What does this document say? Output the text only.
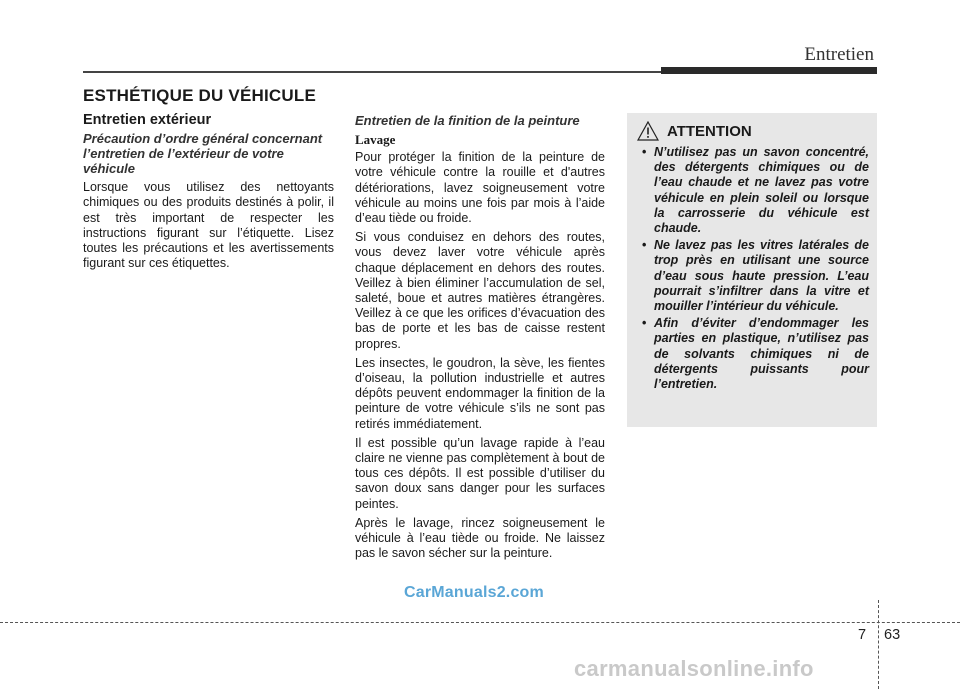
Entretien
ESTHÉTIQUE DU VÉHICULE
Entretien extérieur
Précaution d’ordre général concernant l’entretien de l’extérieur de votre véhicule

Lorsque vous utilisez des nettoyants chimiques ou des produits destinés à polir, il est très important de respecter les instructions figurant sur l’étiquette. Lisez toutes les précautions et les avertissements figurant sur ces étiquettes.

Entretien de la finition de la peinture
Lavage

Pour protéger la finition de la peinture de votre véhicule contre la rouille et d'autres détériorations, lavez soigneusement votre véhicule au moins une fois par mois à l’aide d’eau tiède ou froide.

Si vous conduisez en dehors des routes, vous devez laver votre véhicule après chaque déplacement en dehors des routes. Veillez à bien éliminer l’accumulation de sel, saleté, boue et autres matières étrangères. Veillez à ce que les orifices d’évacuation des bas de porte et les bas de caisse restent propres.

Les insectes, le goudron, la sève, les fientes d’oiseau, la pollution industrielle et autres dépôts peuvent endommager la finition de la peinture de votre véhicule s’ils ne sont pas retirés immédiatement.

Il est possible qu’un lavage rapide à l’eau claire ne vienne pas complètement à bout de tous ces dépôts. Il est possible d’utiliser du savon doux sans danger pour les surfaces peintes.

Après le lavage, rincez soigneusement le véhicule à l’eau tiède ou froide. Ne laissez pas le savon sécher sur la peinture.

ATTENTION
• N’utilisez pas un savon concentré, des détergents chimiques ou de l’eau chaude et ne lavez pas votre véhicule en plein soleil ou lorsque la carrosserie du véhicule est chaude.
• Ne lavez pas les vitres latérales de trop près en utilisant une source d’eau sous haute pression. L’eau pourrait s’infiltrer dans la vitre et mouiller l’intérieur du véhicule.
• Afin d’éviter d’endommager les parties en plastique, n’utilisez pas de solvants chimiques ni de détergents puissants pour l’entretien.
CarManuals2.com
7 63
carmanualsonline.info
